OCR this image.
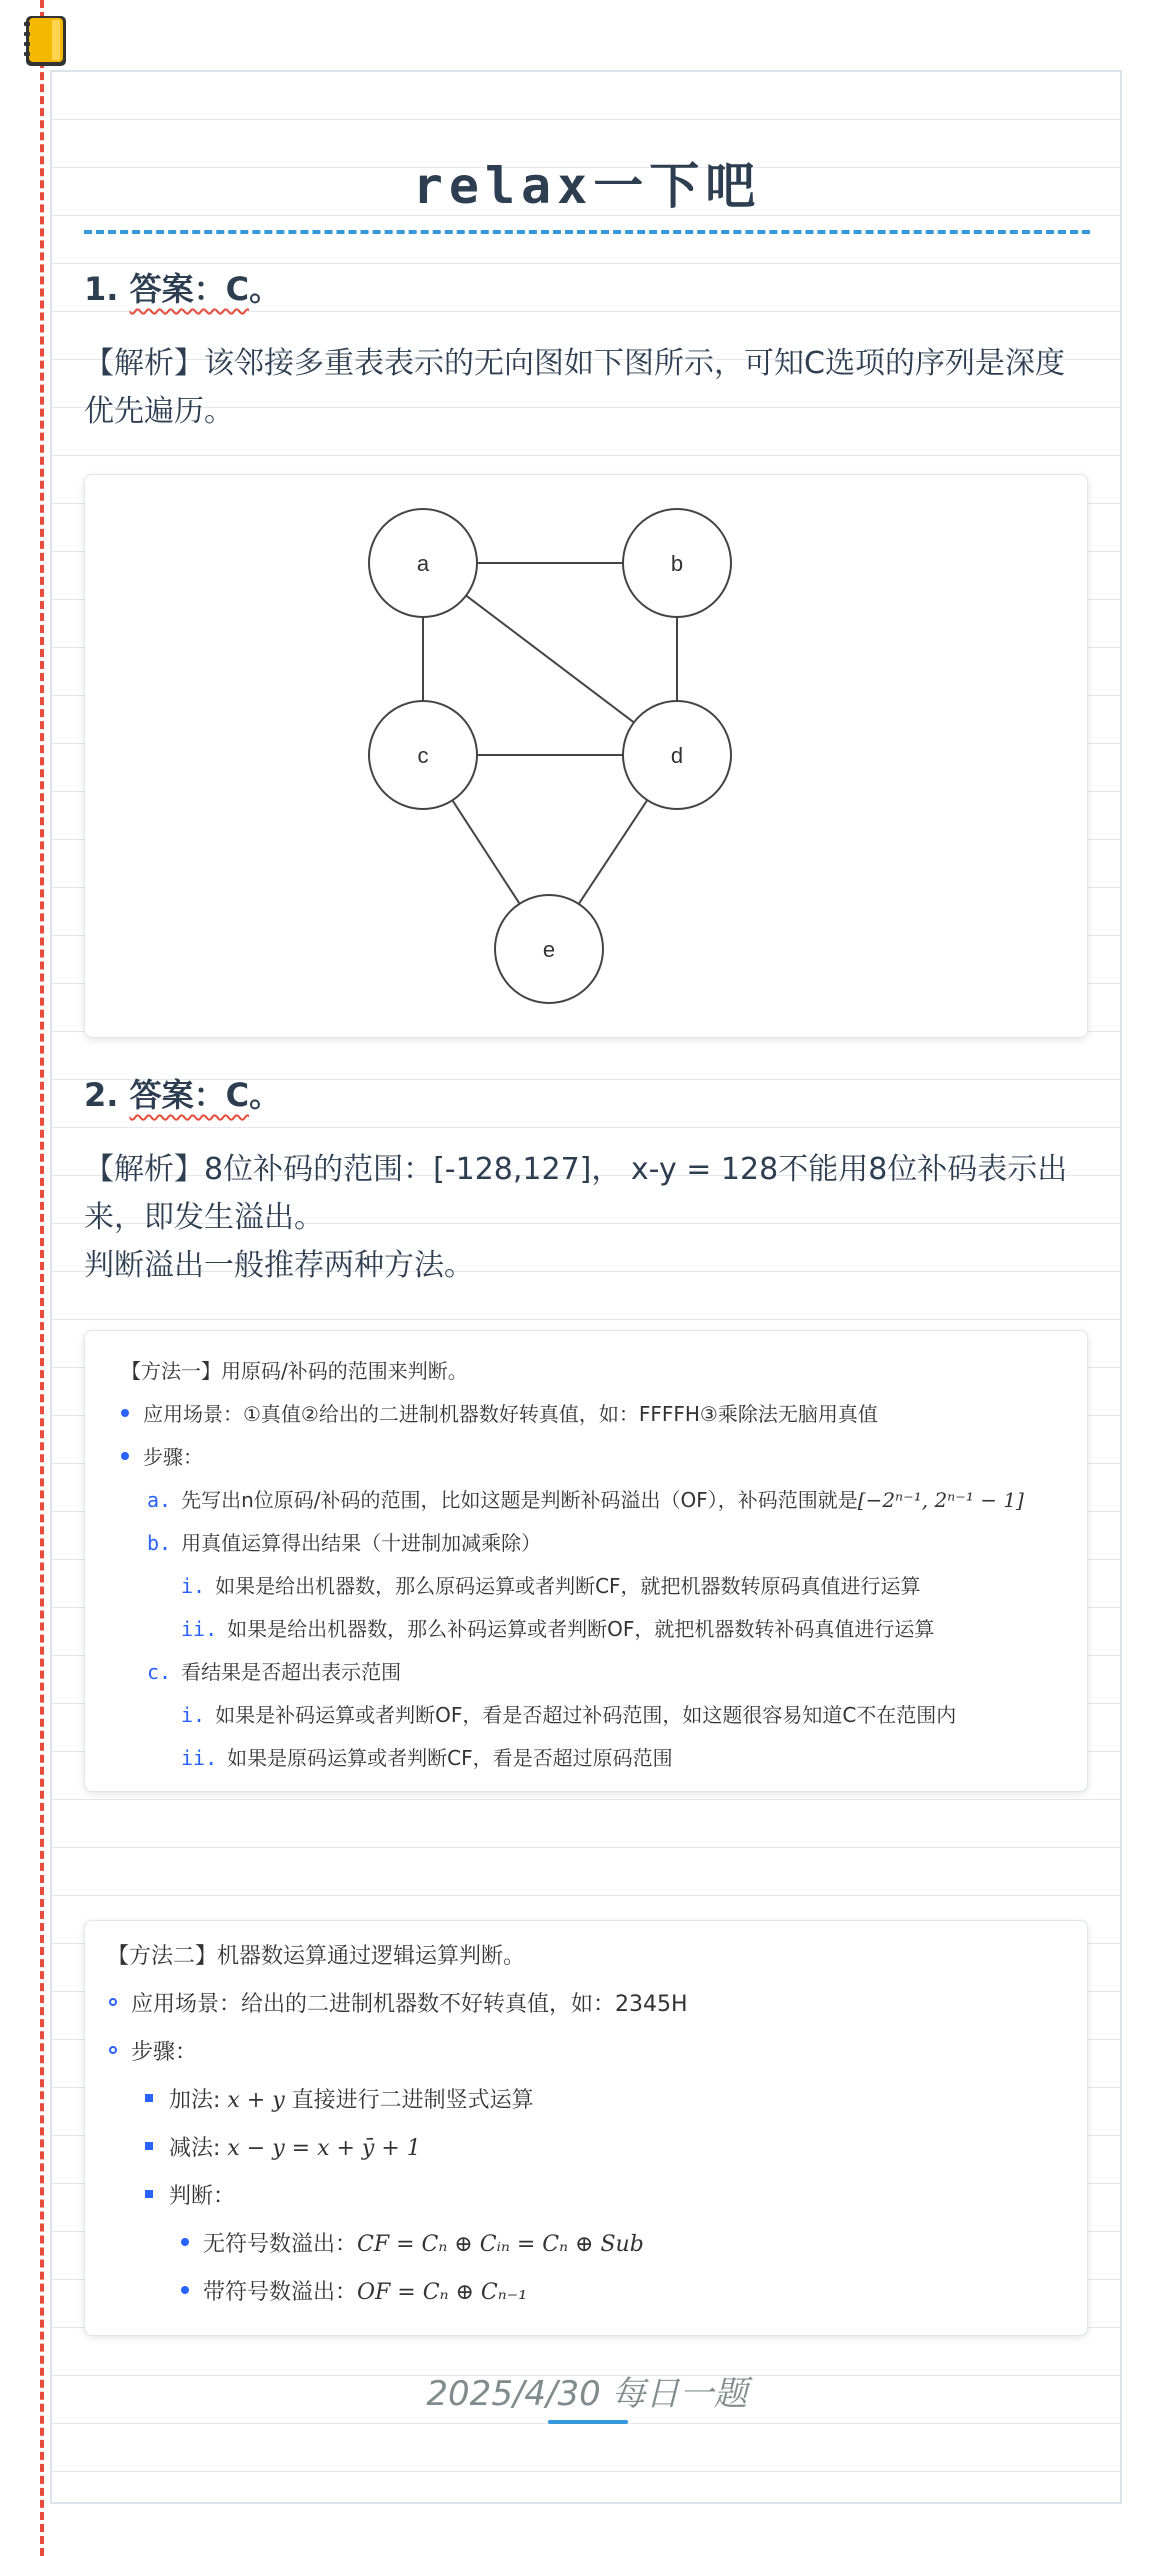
relax一下吧
1. 答案：C。
【解析】该邻接多重表表示的无向图如下图所示，可知C选项的序列是深度优先遍历。
a	b
c	d
e
2. 答案：C。
【解析】8位补码的范围：[-128,127]， x-y = 128不能用8位补码表示出来，即发生溢出。
判断溢出一般推荐两种方法。
【方法一】用原码/补码的范围来判断。
应用场景：①真值②给出的二进制机器数好转真值，如：FFFFH③乘除法无脑用真值
步骤：
a. 先写出n位原码/补码的范围，比如这题是判断补码溢出（OF），补码范围就是[−2ⁿ⁻¹, 2ⁿ⁻¹ − 1]
b. 用真值运算得出结果（十进制加减乘除）
i. 如果是给出机器数，那么原码运算或者判断CF，就把机器数转原码真值进行运算
ii. 如果是给出机器数，那么补码运算或者判断OF，就把机器数转补码真值进行运算
c. 看结果是否超出表示范围
i. 如果是补码运算或者判断OF，看是否超过补码范围，如这题很容易知道C不在范围内
ii. 如果是原码运算或者判断CF，看是否超过原码范围
【方法二】机器数运算通过逻辑运算判断。
应用场景：给出的二进制机器数不好转真值，如：2345H
步骤：
加法: x + y 直接进行二进制竖式运算
减法: x − y = x + ȳ + 1
判断：
无符号数溢出：CF = Cₙ ⊕ Cᵢₙ = Cₙ ⊕ Sub
带符号数溢出：OF = Cₙ ⊕ Cₙ₋₁
2025/4/30 每日一题
